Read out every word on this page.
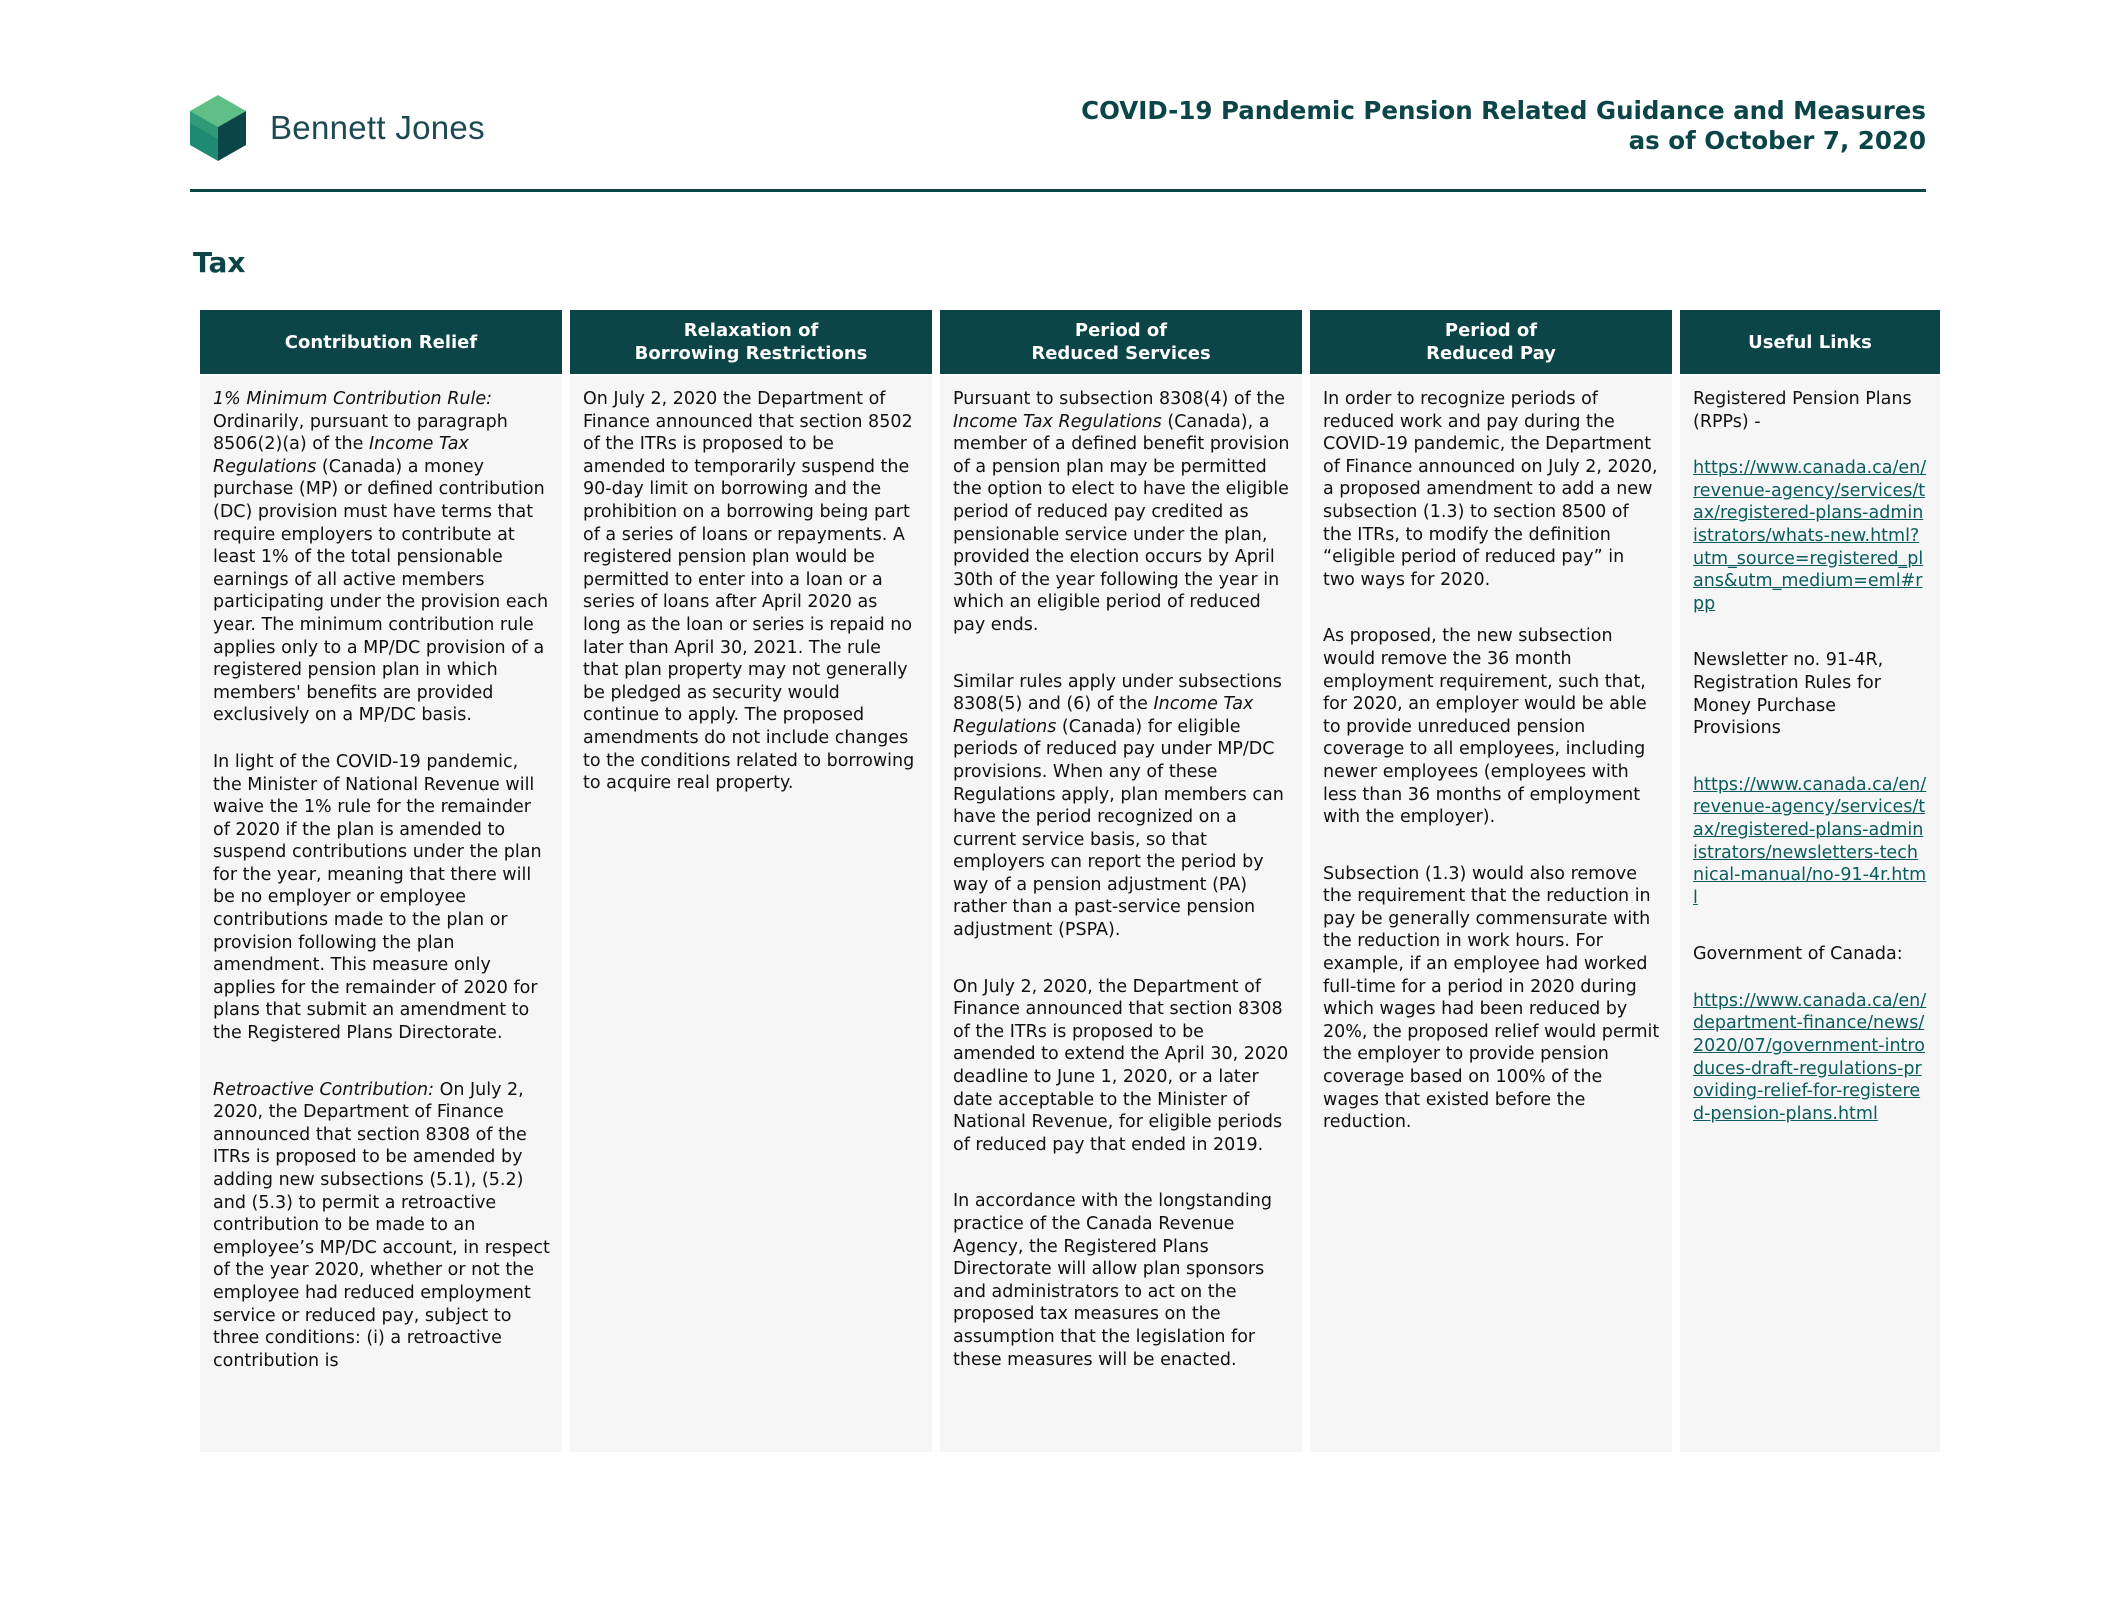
Bennett Jones	COVID-19 Pandemic Pension Related Guidance and Measures
as of October 7, 2020
Tax
Contribution Relief

1% Minimum Contribution Rule: Ordinarily, pursuant to paragraph 8506(2)(a) of the Income Tax Regulations (Canada) a money purchase (MP) or defined contribution (DC) provision must have terms that require employers to contribute at least 1% of the total pensionable earnings of all active members participating under the provision each year. The minimum contribution rule applies only to a MP/DC provision of a registered pension plan in which members' benefits are provided exclusively on a MP/DC basis.

In light of the COVID-19 pandemic, the Minister of National Revenue will waive the 1% rule for the remainder of 2020 if the plan is amended to suspend contributions under the plan for the year, meaning that there will be no employer or employee contributions made to the plan or provision following the plan amendment. This measure only applies for the remainder of 2020 for plans that submit an amendment to the Registered Plans Directorate.

Retroactive Contribution: On July 2, 2020, the Department of Finance announced that section 8308 of the ITRs is proposed to be amended by adding new subsections (5.1), (5.2) and (5.3) to permit a retroactive contribution to be made to an employee’s MP/DC account, in respect of the year 2020, whether or not the employee had reduced employment service or reduced pay, subject to three conditions: (i) a retroactive contribution is

Relaxation of
Borrowing Restrictions

On July 2, 2020 the Department of Finance announced that section 8502 of the ITRs is proposed to be amended to temporarily suspend the 90-day limit on borrowing and the prohibition on a borrowing being part of a series of loans or repayments. A registered pension plan would be permitted to enter into a loan or a series of loans after April 2020 as long as the loan or series is repaid no later than April 30, 2021. The rule that plan property may not generally be pledged as security would continue to apply. The proposed amendments do not include changes to the conditions related to borrowing to acquire real property.

Period of
Reduced Services

Pursuant to subsection 8308(4) of the Income Tax Regulations (Canada), a member of a defined benefit provision of a pension plan may be permitted the option to elect to have the eligible period of reduced pay credited as pensionable service under the plan, provided the election occurs by April 30th of the year following the year in which an eligible period of reduced pay ends.

Similar rules apply under subsections 8308(5) and (6) of the Income Tax Regulations (Canada) for eligible periods of reduced pay under MP/DC provisions. When any of these Regulations apply, plan members can have the period recognized on a current service basis, so that employers can report the period by way of a pension adjustment (PA) rather than a past-service pension adjustment (PSPA).

On July 2, 2020, the Department of Finance announced that section 8308 of the ITRs is proposed to be amended to extend the April 30, 2020 deadline to June 1, 2020, or a later date acceptable to the Minister of National Revenue, for eligible periods of reduced pay that ended in 2019.

In accordance with the longstanding practice of the Canada Revenue Agency, the Registered Plans Directorate will allow plan sponsors and administrators to act on the proposed tax measures on the assumption that the legislation for these measures will be enacted.

Period of
Reduced Pay

In order to recognize periods of reduced work and pay during the COVID-19 pandemic, the Department of Finance announced on July 2, 2020, a proposed amendment to add a new subsection (1.3) to section 8500 of the ITRs, to modify the definition “eligible period of reduced pay” in two ways for 2020.

As proposed, the new subsection would remove the 36 month employment requirement, such that, for 2020, an employer would be able to provide unreduced pension coverage to all employees, including newer employees (employees with less than 36 months of employment with the employer).

Subsection (1.3) would also remove the requirement that the reduction in pay be generally commensurate with the reduction in work hours. For example, if an employee had worked full-time for a period in 2020 during which wages had been reduced by 20%, the proposed relief would permit the employer to provide pension coverage based on 100% of the wages that existed before the reduction.

Useful Links

Registered Pension Plans (RPPs) -

https://www.canada.ca/en/revenue-agency/services/tax/registered-plans-administrators/whats-new.html?utm_source=registered_plans&utm_medium=eml#rpp

Newsletter no. 91-4R, Registration Rules for Money Purchase Provisions

https://www.canada.ca/en/revenue-agency/services/tax/registered-plans-administrators/newsletters-technical-manual/no-91-4r.html

Government of Canada:

https://www.canada.ca/en/department-finance/news/2020/07/government-introduces-draft-regulations-providing-relief-for-registered-pension-plans.html
